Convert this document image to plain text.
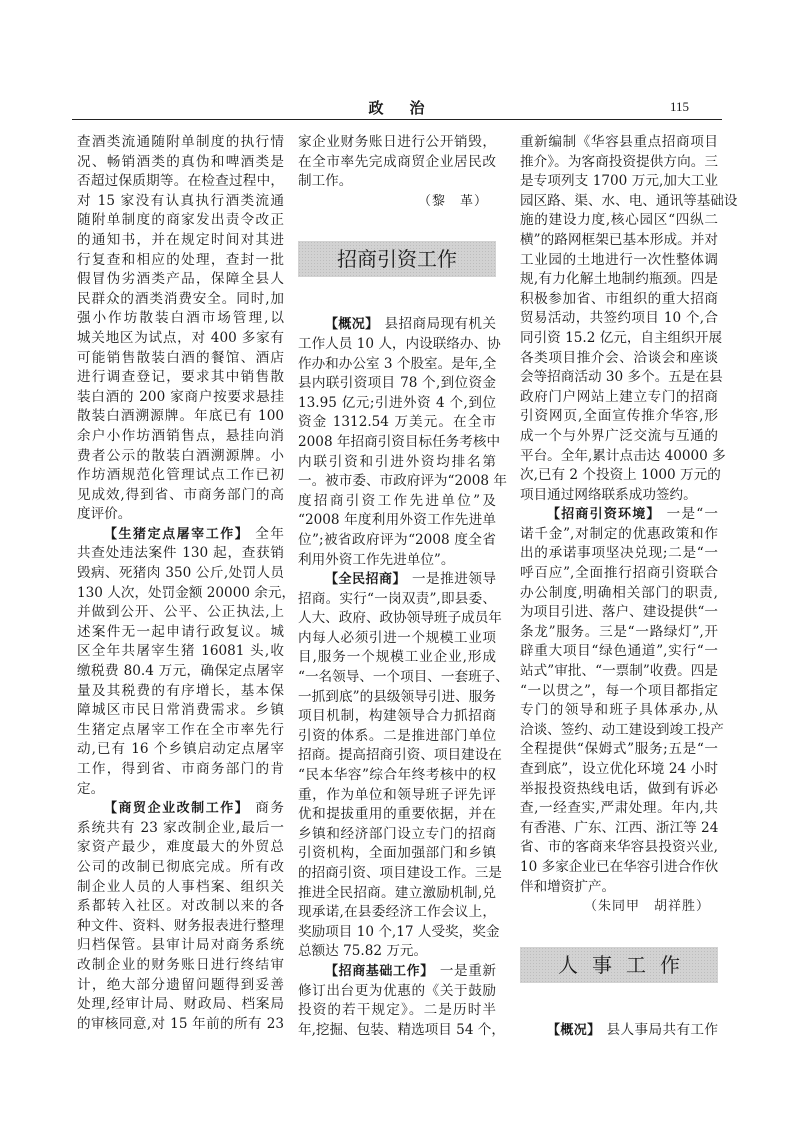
政治	115
查酒类流通随附单制度的执行情
况、畅销酒类的真伪和啤酒类是
否超过保质期等。在检查过程中，
对 15 家没有认真执行酒类流通
随附单制度的商家发出责令改正
的通知书，并在规定时间对其进
行复查和相应的处理，查封一批
假冒伪劣酒类产品，保障全县人
民群众的酒类消费安全。同时,加
强小作坊散装白酒市场管理,以
城关地区为试点，对 400 多家有
可能销售散装白酒的餐馆、酒店
进行调查登记，要求其中销售散
装白酒的 200 家商户按要求悬挂
散装白酒溯源牌。年底已有 100
余户小作坊酒销售点，悬挂向消
费者公示的散装白酒溯源牌。小
作坊酒规范化管理试点工作已初
见成效,得到省、市商务部门的高
度评价。
【生猪定点屠宰工作】 全年
共查处违法案件 130 起，查获销
毁病、死猪肉 350 公斤,处罚人员
130 人次，处罚金额 20000 余元，
并做到公开、公平、公正执法,上
述案件无一起申请行政复议。城
区全年共屠宰生猪 16081 头,收
缴税费 80.4 万元，确保定点屠宰
量及其税费的有序增长，基本保
障城区市民日常消费需求。乡镇
生猪定点屠宰工作在全市率先行
动,已有 16 个乡镇启动定点屠宰
工作，得到省、市商务部门的肯
定。
【商贸企业改制工作】 商务
系统共有 23 家改制企业,最后一
家资产最少，难度最大的外贸总
公司的改制已彻底完成。所有改
制企业人员的人事档案、组织关
系都转入社区。对改制以来的各
种文件、资料、财务报表进行整理
归档保管。县审计局对商务系统
改制企业的财务账日进行终结审
计，绝大部分遗留问题得到妥善
处理,经审计局、财政局、档案局
的审核同意,对 15 年前的所有 23
家企业财务账日进行公开销毁，
在全市率先完成商贸企业居民改
制工作。
（黎　革）
招商引资工作
【概况】 县招商局现有机关
工作人员 10 人，内设联络办、协
作办和办公室 3 个股室。是年,全
县内联引资项目 78 个,到位资金
13.95 亿元;引进外资 4 个,到位
资金 1312.54 万美元。在全市
2008 年招商引资目标任务考核中
内联引资和引进外资均排名第
一。被市委、市政府评为“2008 年
度招商引资工作先进单位”及
“2008 年度利用外资工作先进单
位”;被省政府评为“2008 度全省
利用外资工作先进单位”。
【全民招商】 一是推进领导
招商。实行“一岗双责”,即县委、
人大、政府、政协领导班子成员年
内每人必须引进一个规模工业项
目,服务一个规模工业企业,形成
“一名领导、一个项目、一套班子、
一抓到底”的县级领导引进、服务
项目机制，构建领导合力抓招商
引资的体系。二是推进部门单位
招商。提高招商引资、项目建设在
“民本华容”综合年终考核中的权
重，作为单位和领导班子评先评
优和提拔重用的重要依据，并在
乡镇和经济部门设立专门的招商
引资机构，全面加强部门和乡镇
的招商引资、项目建设工作。三是
推进全民招商。建立激励机制,兑
现承诺,在县委经济工作会议上，
奖励项目 10 个,17 人受奖，奖金
总额达 75.82 万元。
【招商基础工作】 一是重新
修订出台更为优惠的《关于鼓励
投资的若干规定》。二是历时半
年,挖掘、包装、精选项目 54 个，
重新编制《华容县重点招商项目
推介》。为客商投资提供方向。三
是专项列支 1700 万元,加大工业
园区路、渠、水、电、通讯等基础设
施的建设力度,核心园区“四纵二
横”的路网框架已基本形成。并对
工业园的土地进行一次性整体调
规,有力化解土地制约瓶颈。四是
积极参加省、市组织的重大招商
贸易活动，共签约项目 10 个,合
同引资 15.2 亿元，自主组织开展
各类项目推介会、洽谈会和座谈
会等招商活动 30 多个。五是在县
政府门户网站上建立专门的招商
引资网页,全面宣传推介华容,形
成一个与外界广泛交流与互通的
平台。全年,累计点击达 40000 多
次,已有 2 个投资上 1000 万元的
项目通过网络联系成功签约。
【招商引资环境】 一是“一
诺千金”,对制定的优惠政策和作
出的承诺事项坚决兑现;二是“一
呼百应”,全面推行招商引资联合
办公制度,明确相关部门的职责,
为项目引进、落户、建设提供“一
条龙”服务。三是“一路绿灯”,开
辟重大项目“绿色通道”,实行“一
站式”审批、“一票制”收费。四是
“一以贯之”，每一个项目都指定
专门的领导和班子具体承办,从
洽谈、签约、动工建设到竣工投产
全程提供“保姆式”服务;五是“一
查到底”，设立优化环境 24 小时
举报投资热线电话，做到有诉必
查,一经查实,严肃处理。年内,共
有香港、广东、江西、浙江等 24
省、市的客商来华容县投资兴业,
10 多家企业已在华容引进合作伙
伴和增资扩产。
（朱同甲　胡祥胜）
人事工作
【概况】 县人事局共有工作
